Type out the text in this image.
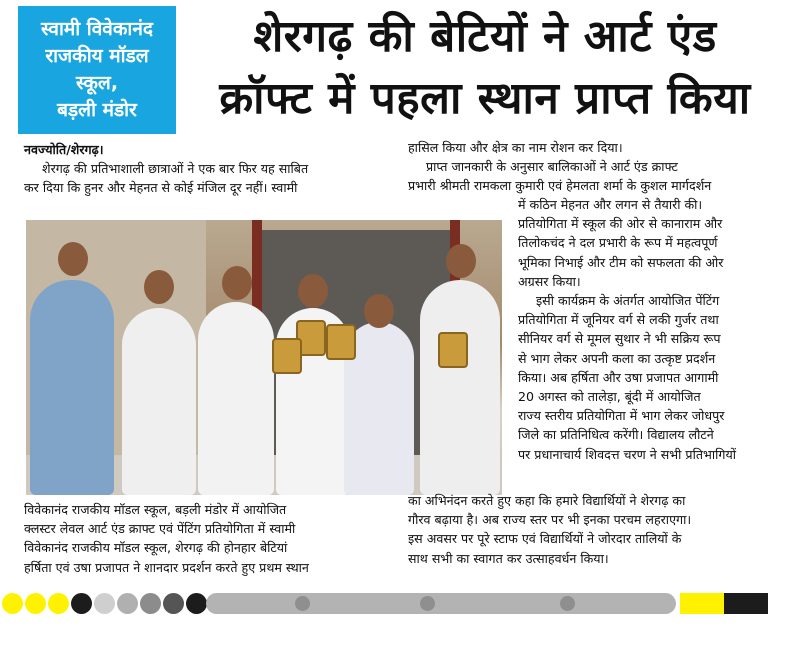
स्वामी विवेकानंद
राजकीय मॉडल
स्कूल,
बड़ली मंडोर
शेरगढ़ की बेटियों ने आर्ट एंड
क्रॉफ्ट में पहला स्थान प्राप्त किया

नवज्योति/शेरगढ़।

शेरगढ़ की प्रतिभाशाली छात्राओं ने एक बार फिर यह साबित

कर दिया कि हुनर और मेहनत से कोई मंजिल दूर नहीं। स्वामी

हासिल किया और क्षेत्र का नाम रोशन कर दिया।

प्राप्त जानकारी के अनुसार बालिकाओं ने आर्ट एंड क्राफ्ट

प्रभारी श्रीमती रामकला कुमारी एवं हेमलता शर्मा के कुशल मार्गदर्शन

में कठिन मेहनत और लगन से तैयारी की।

प्रतियोगिता में स्कूल की ओर से कानाराम और

तिलोकचंद ने दल प्रभारी के रूप में महत्वपूर्ण

भूमिका निभाई और टीम को सफलता की ओर

अग्रसर किया।

इसी कार्यक्रम के अंतर्गत आयोजित पेंटिंग

प्रतियोगिता में जूनियर वर्ग से लकी गुर्जर तथा

सीनियर वर्ग से मूमल सुथार ने भी सक्रिय रूप

से भाग लेकर अपनी कला का उत्कृष्ट प्रदर्शन

किया। अब हर्षिता और उषा प्रजापत आगामी

20 अगस्त को तालेड़ा, बूंदी में आयोजित

राज्य स्तरीय प्रतियोगिता में भाग लेकर जोधपुर

जिले का प्रतिनिधित्व करेंगी। विद्यालय लौटने

पर प्रधानाचार्य शिवदत्त चरण ने सभी प्रतिभागियों

का अभिनंदन करते हुए कहा कि हमारे विद्यार्थियों ने शेरगढ़ का

गौरव बढ़ाया है। अब राज्य स्तर पर भी इनका परचम लहराएगा।

इस अवसर पर पूरे स्टाफ एवं विद्यार्थियों ने जोरदार तालियों के

साथ सभी का स्वागत कर उत्साहवर्धन किया।

विवेकानंद राजकीय मॉडल स्कूल, बड़ली मंडोर में आयोजित

क्लस्टर लेवल आर्ट एंड क्राफ्ट एवं पेंटिंग प्रतियोगिता में स्वामी

विवेकानंद राजकीय मॉडल स्कूल, शेरगढ़ की होनहार बेटियां

हर्षिता एवं उषा प्रजापत ने शानदार प्रदर्शन करते हुए प्रथम स्थान
